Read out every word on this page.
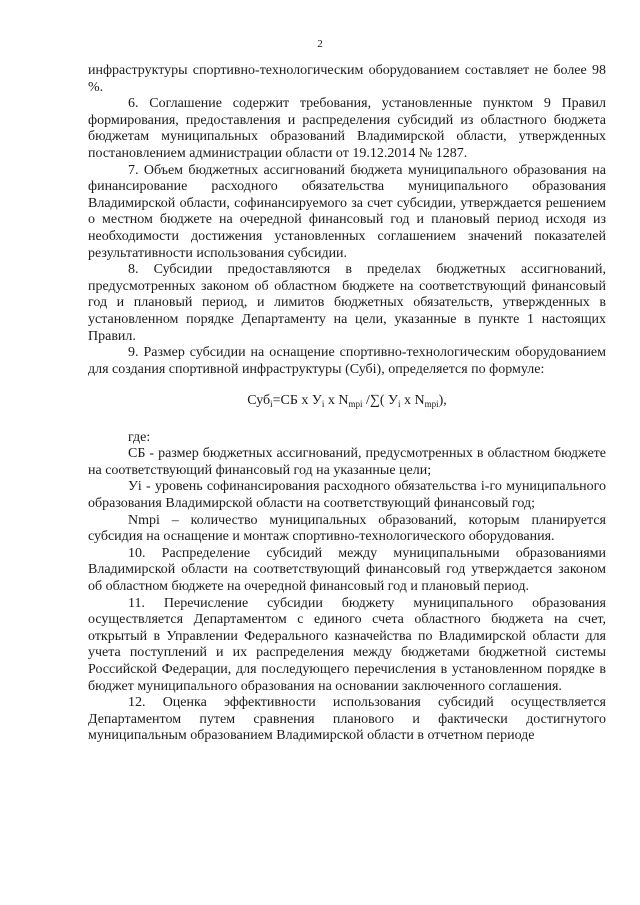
2

инфраструктуры спортивно-технологическим оборудованием составляет не более 98 %.

6. Соглашение содержит требования, установленные пунктом 9 Правил формирования, предоставления и распределения субсидий из областного бюджета бюджетам муниципальных образований Владимирской области, утвержденных постановлением администрации области от 19.12.2014 № 1287.

7. Объем бюджетных ассигнований бюджета муниципального образования на финансирование расходного обязательства муниципального образования Владимирской области, софинансируемого за счет субсидии, утверждается решением о местном бюджете на очередной финансовый год и плановый период исходя из необходимости достижения установленных соглашением значений показателей результативности использования субсидии.

8. Субсидии предоставляются в пределах бюджетных ассигнований, предусмотренных законом об областном бюджете на соответствующий финансовый год и плановый период, и лимитов бюджетных обязательств, утвержденных в установленном порядке Департаменту на цели, указанные в пункте 1 настоящих Правил.

9. Размер субсидии на оснащение спортивно-технологическим оборудованием для создания спортивной инфраструктуры (Субi), определяется по формуле:

Суб$_i$=СБ х $У_i$ х $N_{mpi}$ /∑( $У_i$ х $N_{mpi}$),

где:

СБ - размер бюджетных ассигнований, предусмотренных в областном бюджете на соответствующий финансовый год на указанные цели;

Уi - уровень софинансирования расходного обязательства i-го муниципального образования Владимирской области на соответствующий финансовый год;

Nmpi – количество муниципальных образований, которым планируется субсидия на оснащение и монтаж спортивно-технологического оборудования.

10. Распределение субсидий между муниципальными образованиями Владимирской области на соответствующий финансовый год утверждается законом об областном бюджете на очередной финансовый год и плановый период.

11. Перечисление субсидии бюджету муниципального образования осуществляется Департаментом с единого счета областного бюджета на счет, открытый в Управлении Федерального казначейства по Владимирской области для учета поступлений и их распределения между бюджетами бюджетной системы Российской Федерации, для последующего перечисления в установленном порядке в бюджет муниципального образования на основании заключенного соглашения.

12. Оценка эффективности использования субсидий осуществляется Департаментом путем сравнения планового и фактически достигнутого муниципальным образованием Владимирской области в отчетном периоде
